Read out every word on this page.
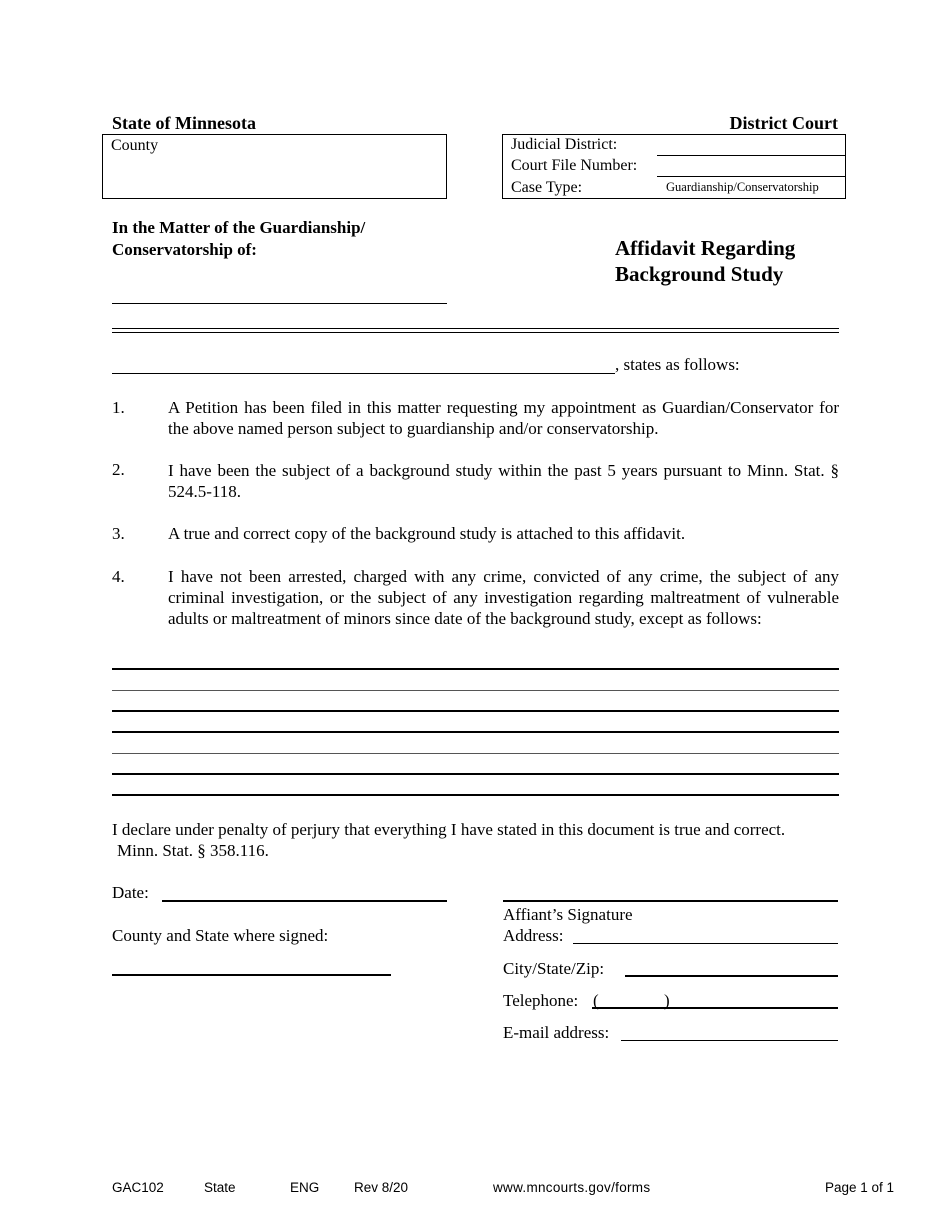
State of Minnesota	District Court
County	Judicial District:
Court File Number:
Case Type:	Guardianship/Conservatorship
In the Matter of the Guardianship/
Conservatorship of:	Affidavit Regarding
Background Study
, states as follows:
1.	A Petition has been filed in this matter requesting my appointment as Guardian/Conservator for the above named person subject to guardianship and/or conservatorship.
2.	I have been the subject of a background study within the past 5 years pursuant to Minn. Stat. § 524.5-118.
3.	A true and correct copy of the background study is attached to this affidavit.
4.	I have not been arrested, charged with any crime, convicted of any crime, the subject of any criminal investigation, or the subject of any investigation regarding maltreatment of vulnerable adults or maltreatment of minors since date of the background study, except as follows:
I declare under penalty of perjury that everything I have stated in this document is true and correct.
Minn. Stat. § 358.116.
Date:
County and State where signed:
Affiant’s Signature
Address:
City/State/Zip:
Telephone: (	)
E-mail address:
GAC102	State	ENG	Rev 8/20	www.mncourts.gov/forms	Page 1 of 1
